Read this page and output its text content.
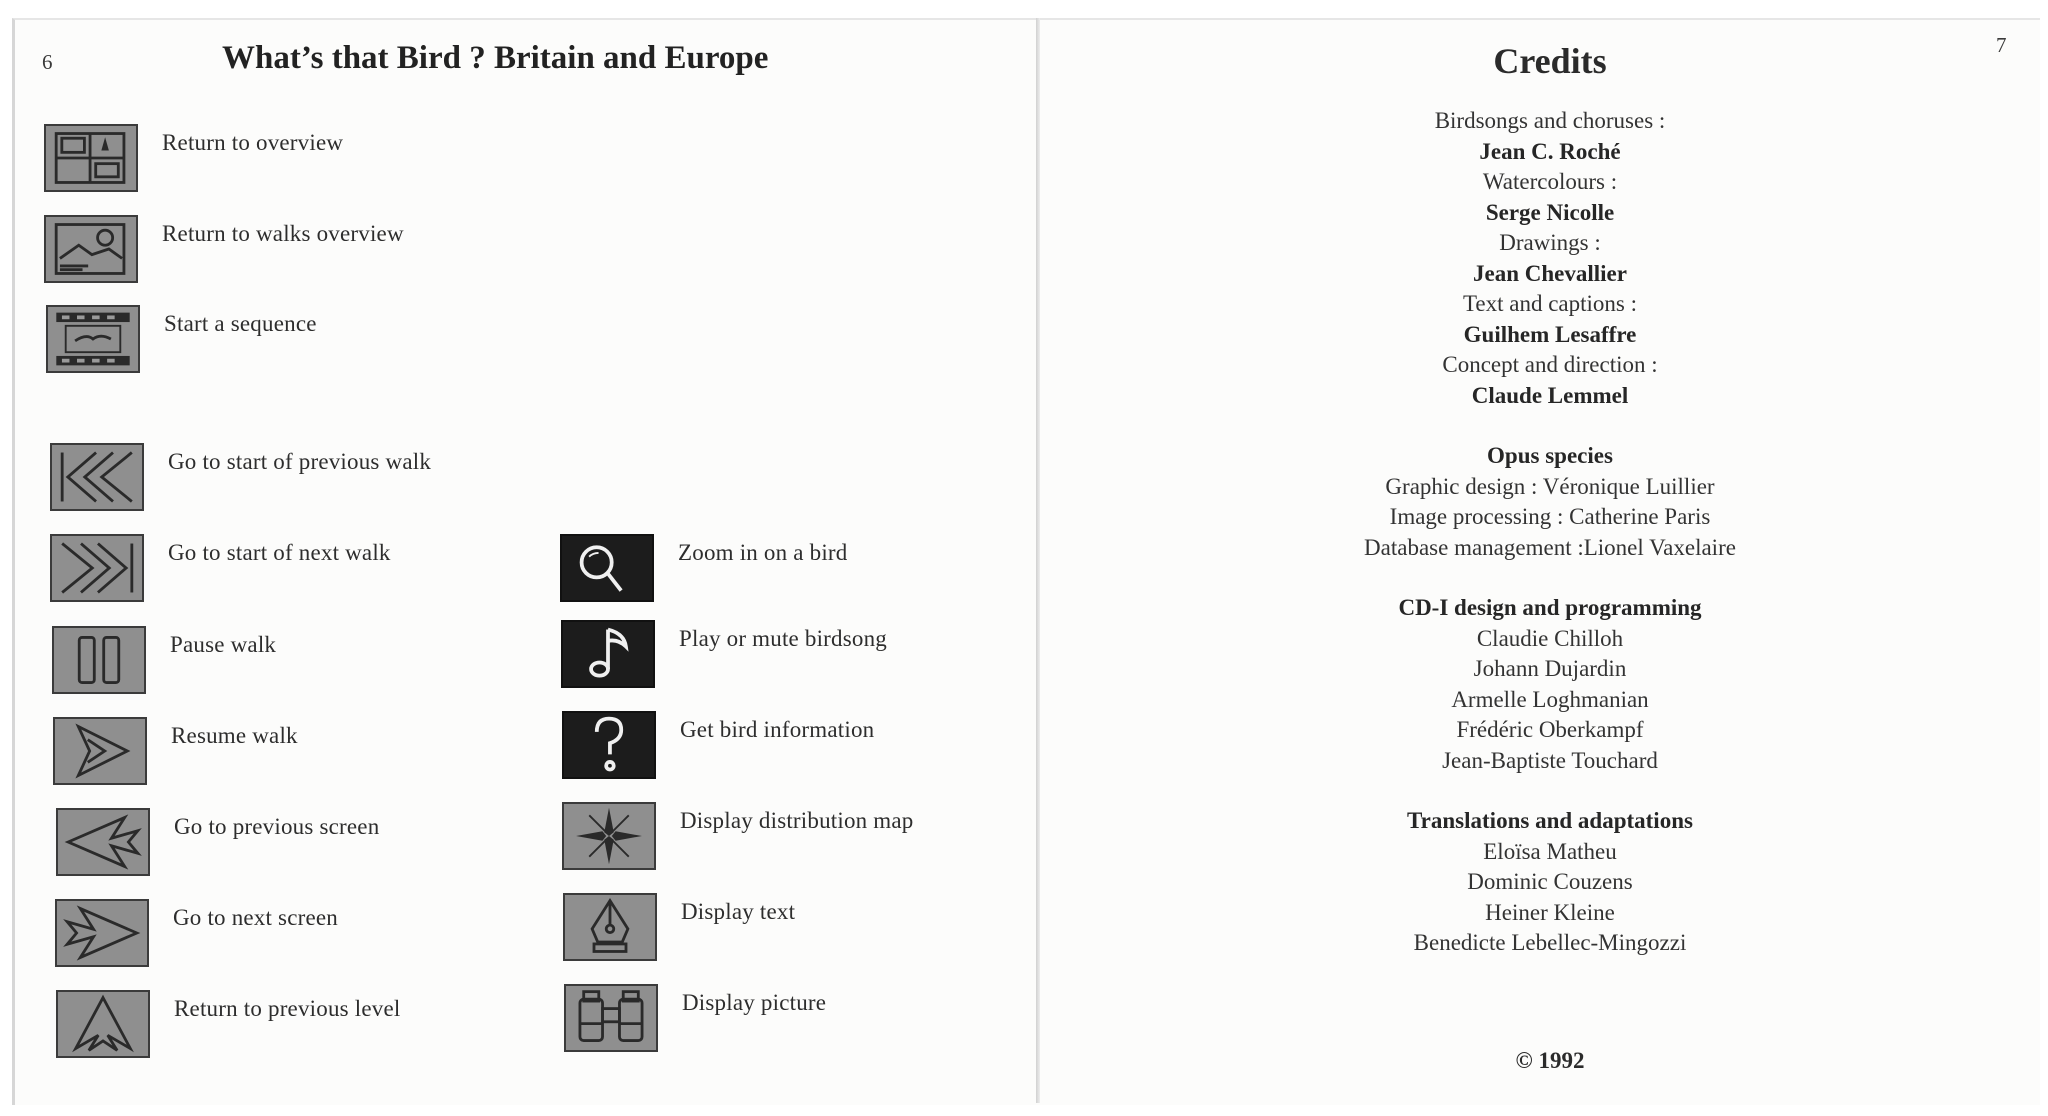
6	What’s that Bird ? Britain and Europe
Return to overview
Return to walks overview
Start a sequence
Go to start of previous walk
Go to start of next walk
Pause walk
Resume walk
Go to previous screen
Go to next screen
Return to previous level
Zoom in on a bird
Play or mute birdsong
Get bird information
Display distribution map
Display text
Display picture
7
Credits
Birdsongs and choruses :
Jean C. Roché
Watercolours :
Serge Nicolle
Drawings :
Jean Chevallier
Text and captions :
Guilhem Lesaffre
Concept and direction :
Claude Lemmel
Opus species
Graphic design : Véronique Luillier
Image processing : Catherine Paris
Database management :Lionel Vaxelaire
CD-I design and programming
Claudie Chilloh
Johann Dujardin
Armelle Loghmanian
Frédéric Oberkampf
Jean-Baptiste Touchard
Translations and adaptations
Eloïsa Matheu
Dominic Couzens
Heiner Kleine
Benedicte Lebellec-Mingozzi
© 1992
